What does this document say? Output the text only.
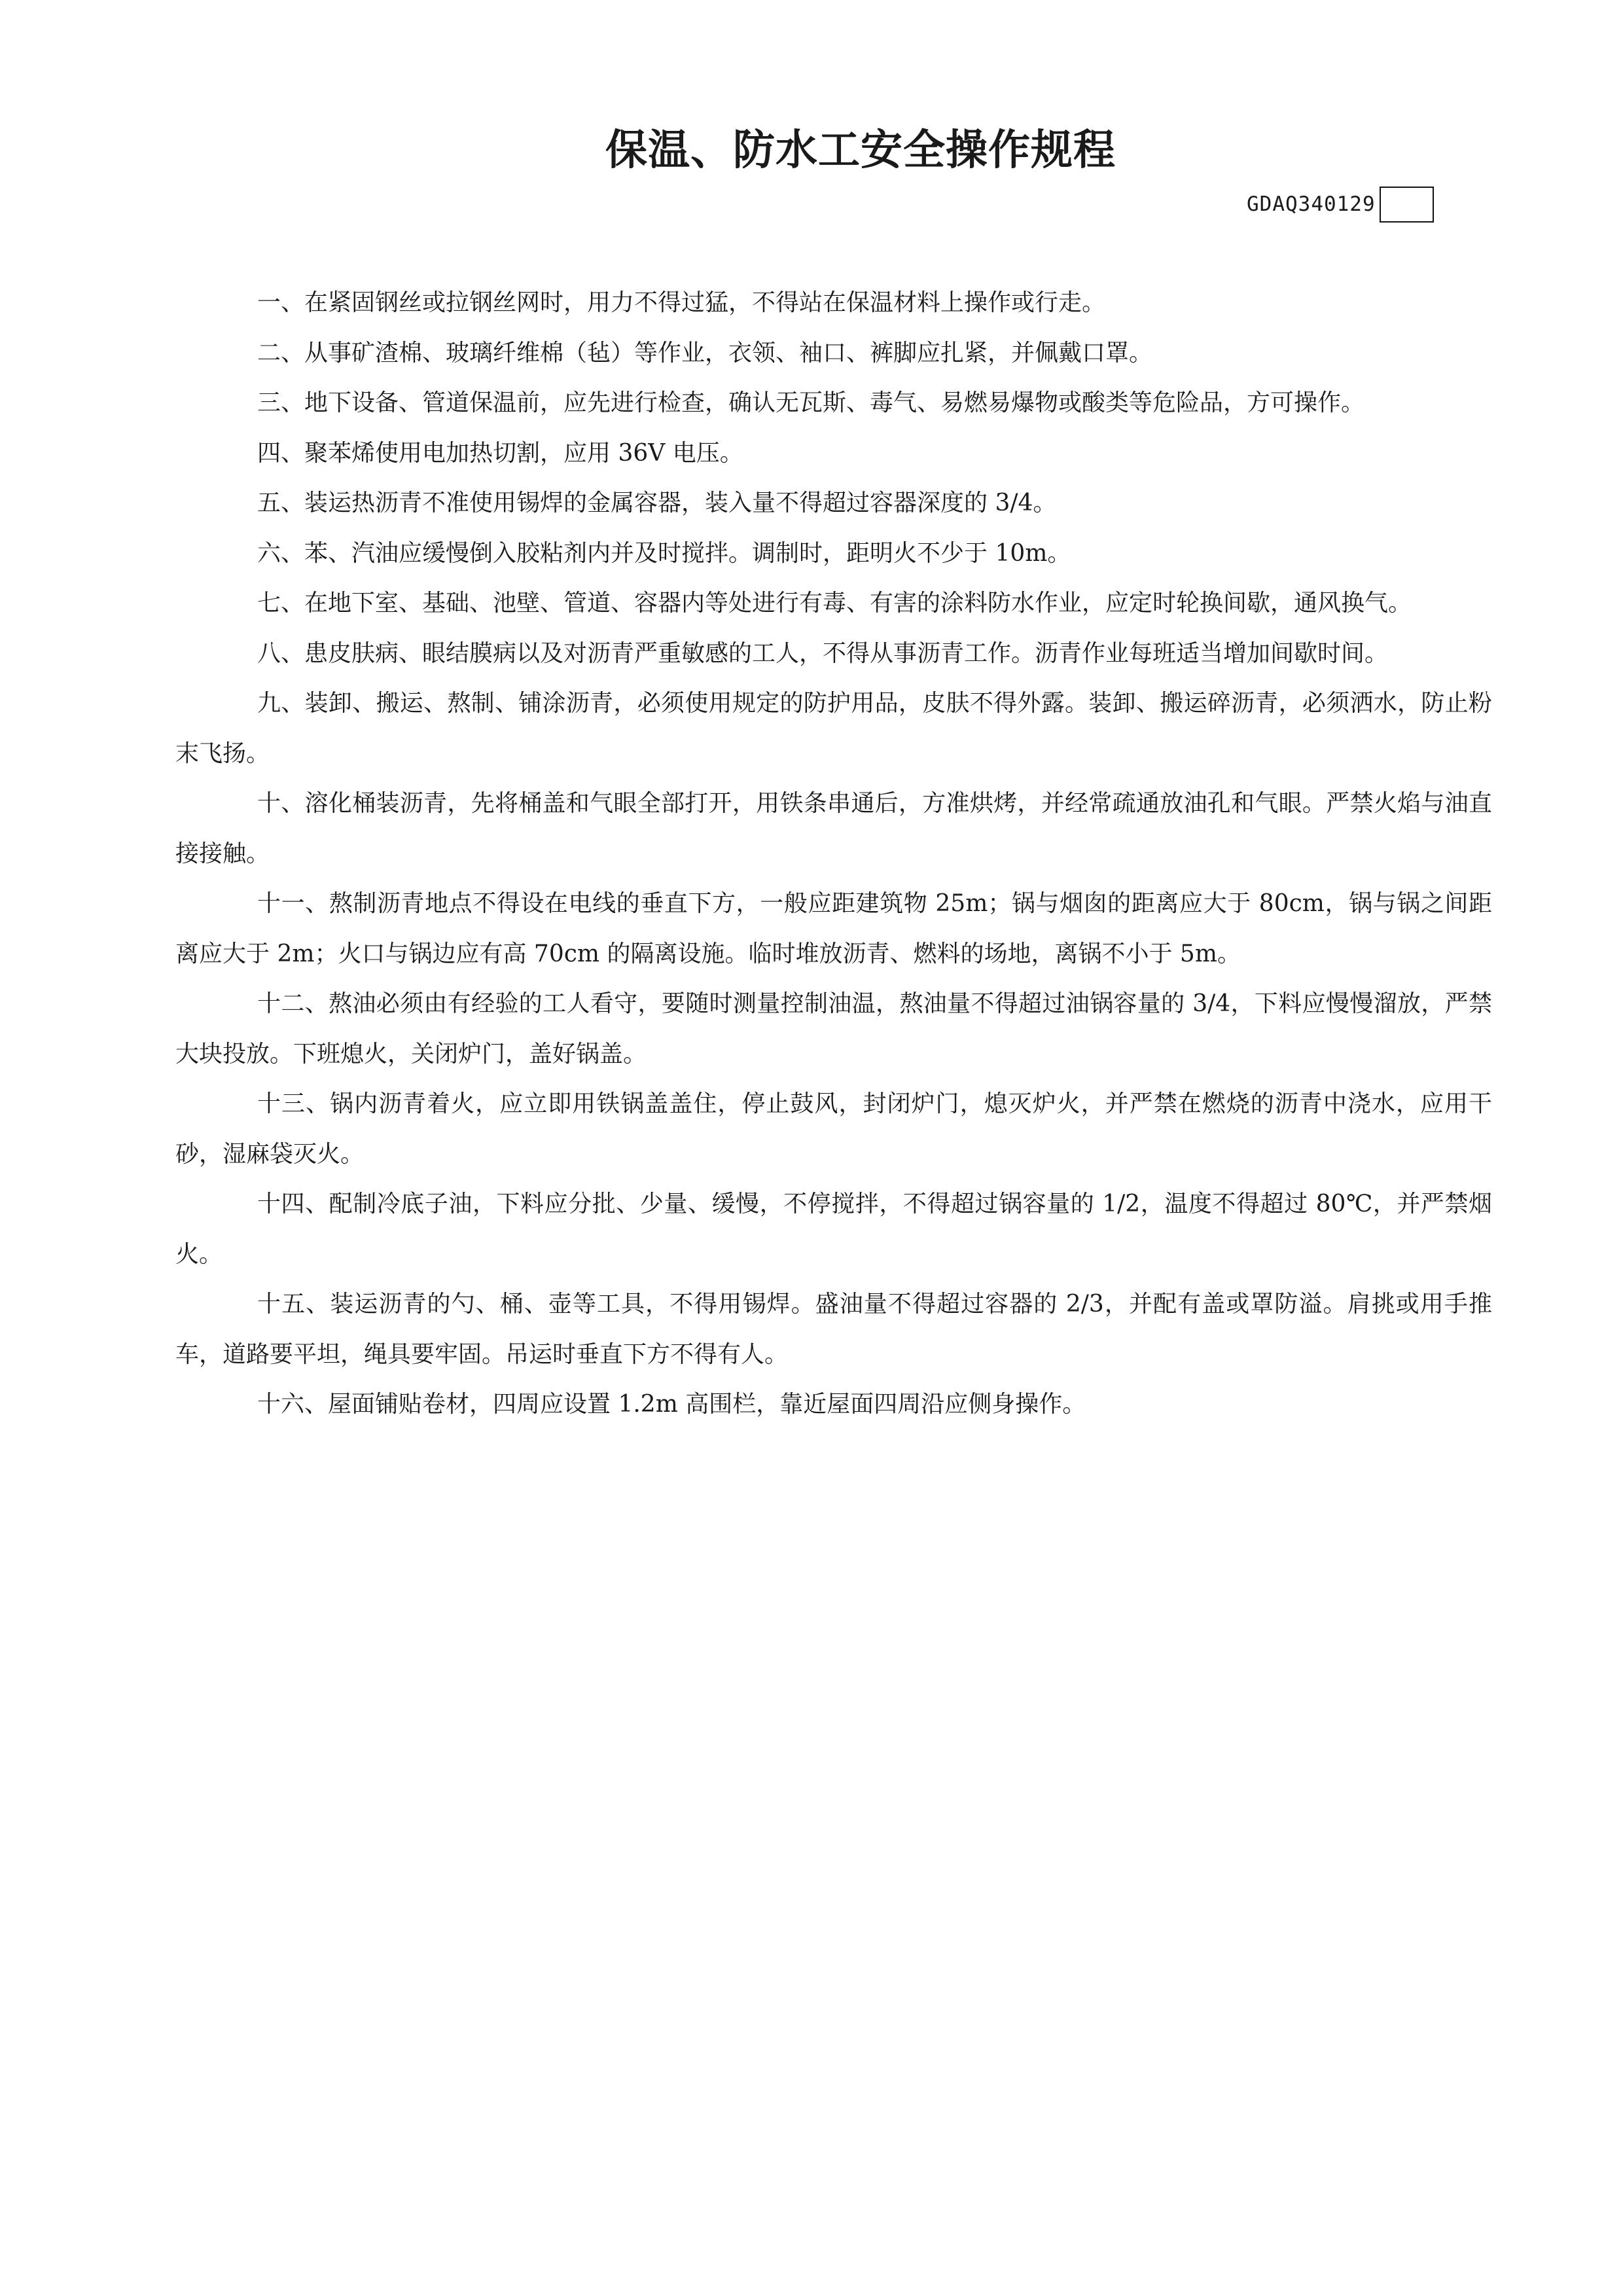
保温、防水工安全操作规程
GDAQ340129

一、在紧固钢丝或拉钢丝网时，用力不得过猛，不得站在保温材料上操作或行走。

二、从事矿渣棉、玻璃纤维棉（毡）等作业，衣领、袖口、裤脚应扎紧，并佩戴口罩。

三、地下设备、管道保温前，应先进行检查，确认无瓦斯、毒气、易燃易爆物或酸类等危险品，方可操作。

四、聚苯烯使用电加热切割，应用 36V 电压。

五、装运热沥青不准使用锡焊的金属容器，装入量不得超过容器深度的 3/4。

六、苯、汽油应缓慢倒入胶粘剂内并及时搅拌。调制时，距明火不少于 10m。

七、在地下室、基础、池壁、管道、容器内等处进行有毒、有害的涂料防水作业，应定时轮换间歇，通风换气。

八、患皮肤病、眼结膜病以及对沥青严重敏感的工人，不得从事沥青工作。沥青作业每班适当增加间歇时间。

九、装卸、搬运、熬制、铺涂沥青，必须使用规定的防护用品，皮肤不得外露。装卸、搬运碎沥青，必须洒水，防止粉末飞扬。

十、溶化桶装沥青，先将桶盖和气眼全部打开，用铁条串通后，方准烘烤，并经常疏通放油孔和气眼。严禁火焰与油直接接触。

十一、熬制沥青地点不得设在电线的垂直下方，一般应距建筑物 25m；锅与烟囱的距离应大于 80cm，锅与锅之间距离应大于 2m；火口与锅边应有高 70cm 的隔离设施。临时堆放沥青、燃料的场地，离锅不小于 5m。

十二、熬油必须由有经验的工人看守，要随时测量控制油温，熬油量不得超过油锅容量的 3/4，下料应慢慢溜放，严禁大块投放。下班熄火，关闭炉门，盖好锅盖。

十三、锅内沥青着火，应立即用铁锅盖盖住，停止鼓风，封闭炉门，熄灭炉火，并严禁在燃烧的沥青中浇水，应用干砂，湿麻袋灭火。

十四、配制冷底子油，下料应分批、少量、缓慢，不停搅拌，不得超过锅容量的 1/2，温度不得超过 80℃，并严禁烟火。

十五、装运沥青的勺、桶、壶等工具，不得用锡焊。盛油量不得超过容器的 2/3，并配有盖或罩防溢。肩挑或用手推车，道路要平坦，绳具要牢固。吊运时垂直下方不得有人。

十六、屋面铺贴卷材，四周应设置 1.2m 高围栏，靠近屋面四周沿应侧身操作。
